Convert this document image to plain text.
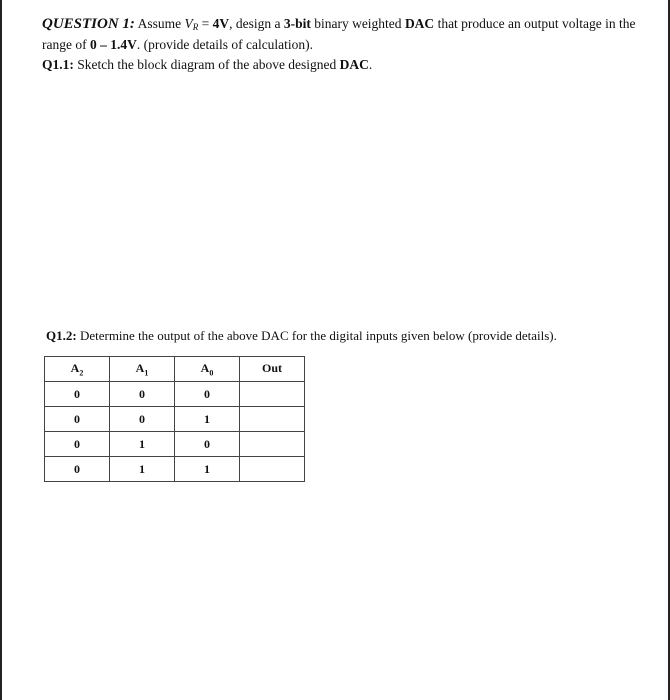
QUESTION 1: Assume $V_R = 4V$, design a 3-bit binary weighted DAC that produce an output voltage in the range of 0 – 1.4V. (provide details of calculation).
Q1.1: Sketch the block diagram of the above designed DAC.
Q1.2: Determine the output of the above DAC for the digital inputs given below (provide details).
$A_2$	$A_1$	$A_0$	Out
0	0	0	
0	0	1	
0	1	0	
0	1	1	
